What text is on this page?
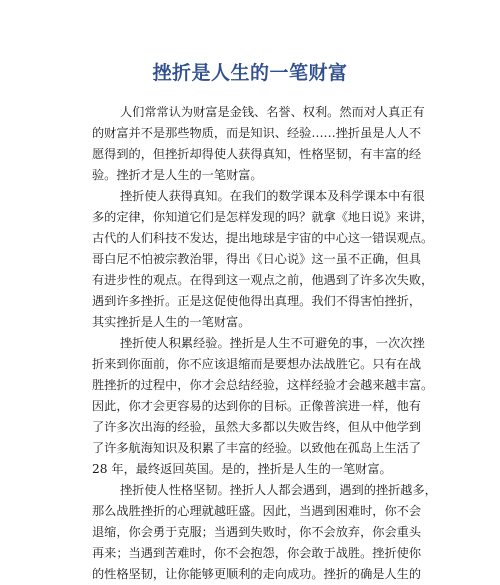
挫折是人生的一笔财富
人们常常认为财富是金钱、名誉、权利。然而对人真正有
的财富并不是那些物质，而是知识、经验……挫折虽是人人不
愿得到的，但挫折却得使人获得真知，性格坚韧，有丰富的经
验。挫折才是人生的一笔财富。
挫折使人获得真知。在我们的数学课本及科学课本中有很
多的定律，你知道它们是怎样发现的吗？就拿《地日说》来讲，
古代的人们科技不发达，提出地球是宇宙的中心这一错误观点。
哥白尼不怕被宗教治罪，得出《日心说》这一虽不正确，但具
有进步性的观点。在得到这一观点之前，他遇到了许多次失败，
遇到许多挫折。正是这促使他得出真理。我们不得害怕挫折，
其实挫折是人生的一笔财富。
挫折使人积累经验。挫折是人生不可避免的事，一次次挫
折来到你面前，你不应该退缩而是要想办法战胜它。只有在战
胜挫折的过程中，你才会总结经验，这样经验才会越来越丰富。
因此，你才会更容易的达到你的目标。正像普滨进一样，他有
了许多次出海的经验，虽然大多都以失败告终，但从中他学到
了许多航海知识及积累了丰富的经验。以致他在孤岛上生活了
28 年，最终返回英国。是的，挫折是人生的一笔财富。
挫折使人性格坚韧。挫折人人都会遇到，遇到的挫折越多，
那么战胜挫折的心理就越旺盛。因此，当遇到困难时，你不会
退缩，你会勇于克服；当遇到失败时，你不会放弃，你会重头
再来；当遇到苦难时，你不会抱怨，你会敢于战胜。挫折使你
的性格坚韧，让你能够更顺利的走向成功。挫折的确是人生的
